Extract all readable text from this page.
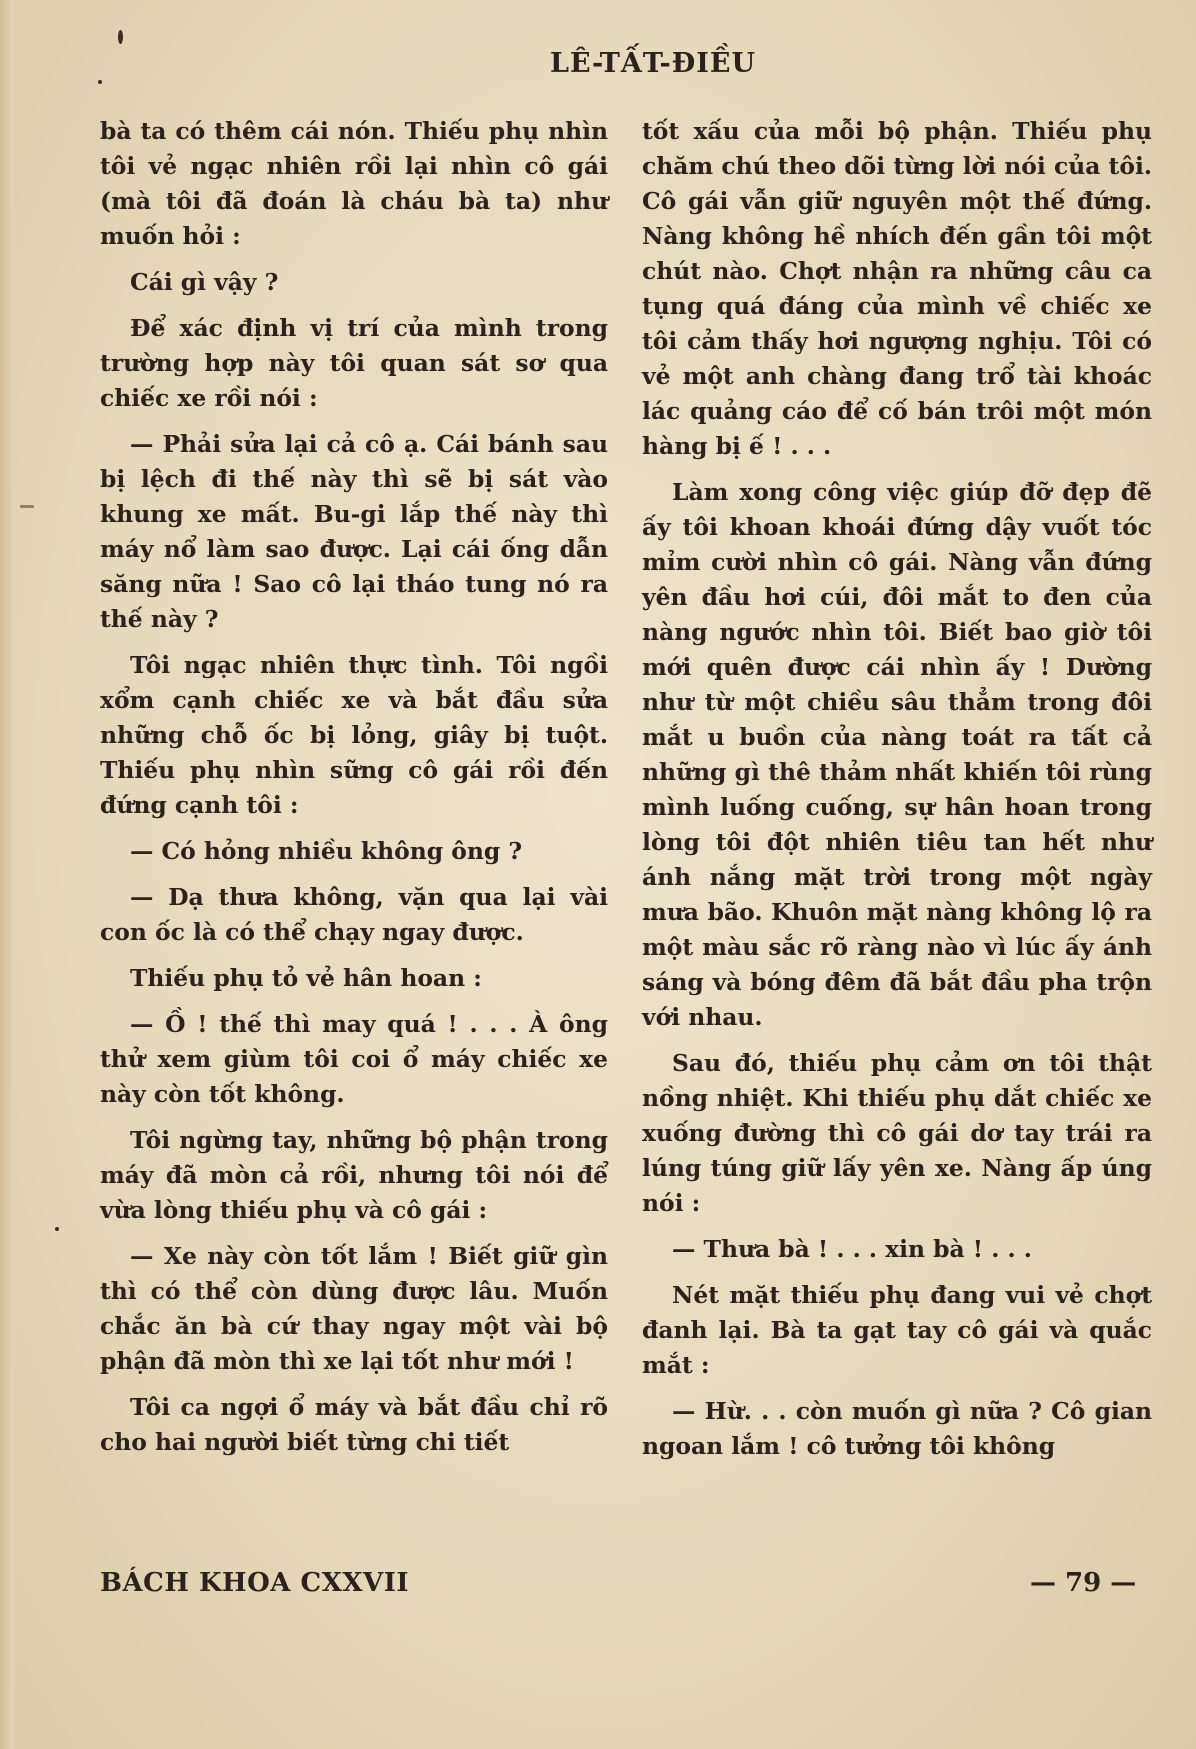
LÊ-TẤT-ĐIỀU

bà ta có thêm cái nón. Thiếu phụ nhìn tôi vẻ ngạc nhiên rồi lại nhìn cô gái (mà tôi đã đoán là cháu bà ta) như muốn hỏi :

Cái gì vậy ?

Để xác định vị trí của mình trong trường hợp này tôi quan sát sơ qua chiếc xe rồi nói :

— Phải sửa lại cả cô ạ. Cái bánh sau bị lệch đi thế này thì sẽ bị sát vào khung xe mất. Bu-gi lắp thế này thì máy nổ làm sao được. Lại cái ống dẫn săng nữa ! Sao cô lại tháo tung nó ra thế này ?

Tôi ngạc nhiên thực tình. Tôi ngồi xổm cạnh chiếc xe và bắt đầu sửa những chỗ ốc bị lỏng, giây bị tuột. Thiếu phụ nhìn sững cô gái rồi đến đứng cạnh tôi :

— Có hỏng nhiều không ông ?

— Dạ thưa không, vặn qua lại vài con ốc là có thể chạy ngay được.

Thiếu phụ tỏ vẻ hân hoan :

— Ồ ! thế thì may quá ! . . . À ông thử xem giùm tôi coi ổ máy chiếc xe này còn tốt không.

Tôi ngừng tay, những bộ phận trong máy đã mòn cả rồi, nhưng tôi nói để vừa lòng thiếu phụ và cô gái :

— Xe này còn tốt lắm ! Biết giữ gìn thì có thể còn dùng được lâu. Muốn chắc ăn bà cứ thay ngay một vài bộ phận đã mòn thì xe lại tốt như mới !

Tôi ca ngợi ổ máy và bắt đầu chỉ rõ cho hai người biết từng chi tiết

tốt xấu của mỗi bộ phận. Thiếu phụ chăm chú theo dõi từng lời nói của tôi. Cô gái vẫn giữ nguyên một thế đứng. Nàng không hề nhích đến gần tôi một chút nào. Chợt nhận ra những câu ca tụng quá đáng của mình về chiếc xe tôi cảm thấy hơi ngượng nghịu. Tôi có vẻ một anh chàng đang trổ tài khoác lác quảng cáo để cố bán trôi một món hàng bị ế ! . . .

Làm xong công việc giúp đỡ đẹp đẽ ấy tôi khoan khoái đứng dậy vuốt tóc mỉm cười nhìn cô gái. Nàng vẫn đứng yên đầu hơi cúi, đôi mắt to đen của nàng ngước nhìn tôi. Biết bao giờ tôi mới quên được cái nhìn ấy ! Dường như từ một chiều sâu thẳm trong đôi mắt u buồn của nàng toát ra tất cả những gì thê thảm nhất khiến tôi rùng mình luống cuống, sự hân hoan trong lòng tôi đột nhiên tiêu tan hết như ánh nắng mặt trời trong một ngày mưa bão. Khuôn mặt nàng không lộ ra một màu sắc rõ ràng nào vì lúc ấy ánh sáng và bóng đêm đã bắt đầu pha trộn với nhau.

Sau đó, thiếu phụ cảm ơn tôi thật nồng nhiệt. Khi thiếu phụ dắt chiếc xe xuống đường thì cô gái dơ tay trái ra lúng túng giữ lấy yên xe. Nàng ấp úng nói :

— Thưa bà ! . . . xin bà ! . . .

Nét mặt thiếu phụ đang vui vẻ chợt đanh lại. Bà ta gạt tay cô gái và quắc mắt :

— Hừ. . . còn muốn gì nữa ? Cô gian ngoan lắm ! cô tưởng tôi không

BÁCH KHOA CXXVII	— 79 —
